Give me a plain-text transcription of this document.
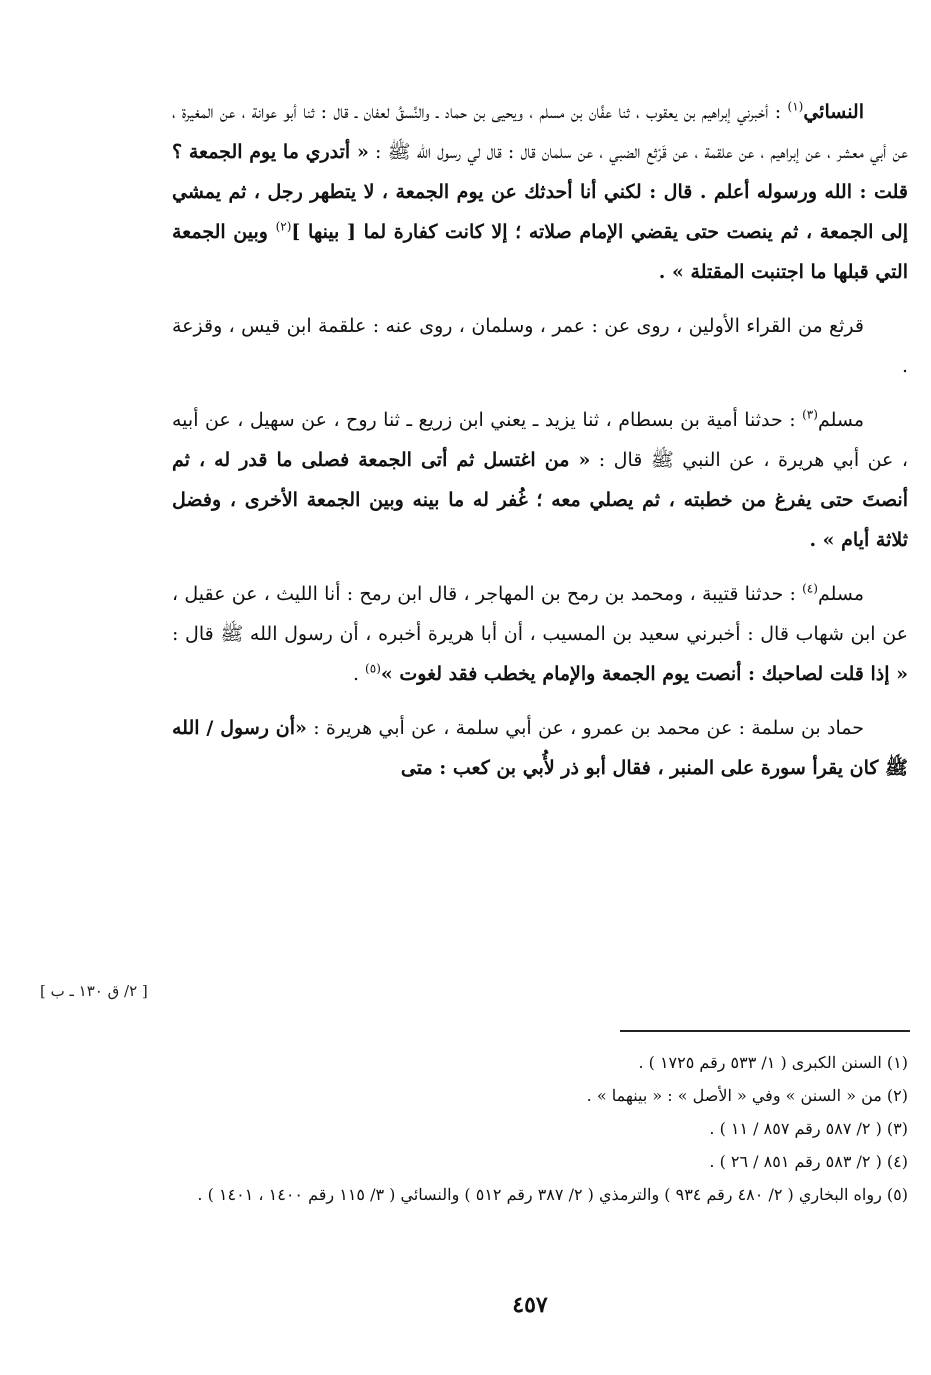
النسائي$^{(١)}$ : أخبرني إبراهيم بن يعقوب ، ثنا عفَّان بن مسلم ، ويحيى بن حماد ـ والنَّسقُ لعفان ـ قال : ثنا أبو عوانة ، عن المغيرة ، عن أبي معشر ، عن إبراهيم ، عن علقمة ، عن قَرْثع الضبي ، عن سلمان قال : قال لي رسول الله ﷺ : « أتدري ما يوم الجمعة ؟ قلت : الله ورسوله أعلم . قال : لكني أنا أحدثك عن يوم الجمعة ، لا يتطهر رجل ، ثم يمشي إلى الجمعة ، ثم ينصت حتى يقضي الإمام صلاته ؛ إلا كانت كفارة لما [ بينها ]$^{(٢)}$ وبين الجمعة التي قبلها ما اجتنبت المقتلة » .

قرثع من القراء الأولين ، روى عن : عمر ، وسلمان ، روى عنه : علقمة ابن قيس ، وقزعة .

مسلم$^{(٣)}$ : حدثنا أمية بن بسطام ، ثنا يزيد ـ يعني ابن زريع ـ ثنا روح ، عن سهيل ، عن أبيه ، عن أبي هريرة ، عن النبي ﷺ قال : « من اغتسل ثم أتى الجمعة فصلى ما قدر له ، ثم أنصتَ حتى يفرغ من خطبته ، ثم يصلي معه ؛ غُفر له ما بينه وبين الجمعة الأخرى ، وفضل ثلاثة أيام » .

مسلم$^{(٤)}$ : حدثنا قتيبة ، ومحمد بن رمح بن المهاجر ، قال ابن رمح : أنا الليث ، عن عقيل ، عن ابن شهاب قال : أخبرني سعيد بن المسيب ، أن أبا هريرة أخبره ، أن رسول الله ﷺ قال : « إذا قلت لصاحبك : أنصت يوم الجمعة والإمام يخطب فقد لغوت »$^{(٥)}$ .

حماد بن سلمة : عن محمد بن عمرو ، عن أبي سلمة ، عن أبي هريرة : «أن رسول / الله ﷺ كان يقرأ سورة على المنبر ، فقال أبو ذر لأُبي بن كعب : متى

[ ٢/ ق ١٣٠ ـ ب ]

(١) السنن الكبرى ( ١/ ٥٣٣ رقم ١٧٢٥ ) .

(٢) من « السنن » وفي « الأصل » : « بينهما » .

(٣) ( ٢/ ٥٨٧ رقم ٨٥٧ / ١١ ) .

(٤) ( ٢/ ٥٨٣ رقم ٨٥١ / ٢٦ ) .

(٥) رواه البخاري ( ٢/ ٤٨٠ رقم ٩٣٤ ) والترمذي ( ٢/ ٣٨٧ رقم ٥١٢ ) والنسائي ( ٣/ ١١٥ رقم ١٤٠٠ ، ١٤٠١ ) .

٤٥٧
